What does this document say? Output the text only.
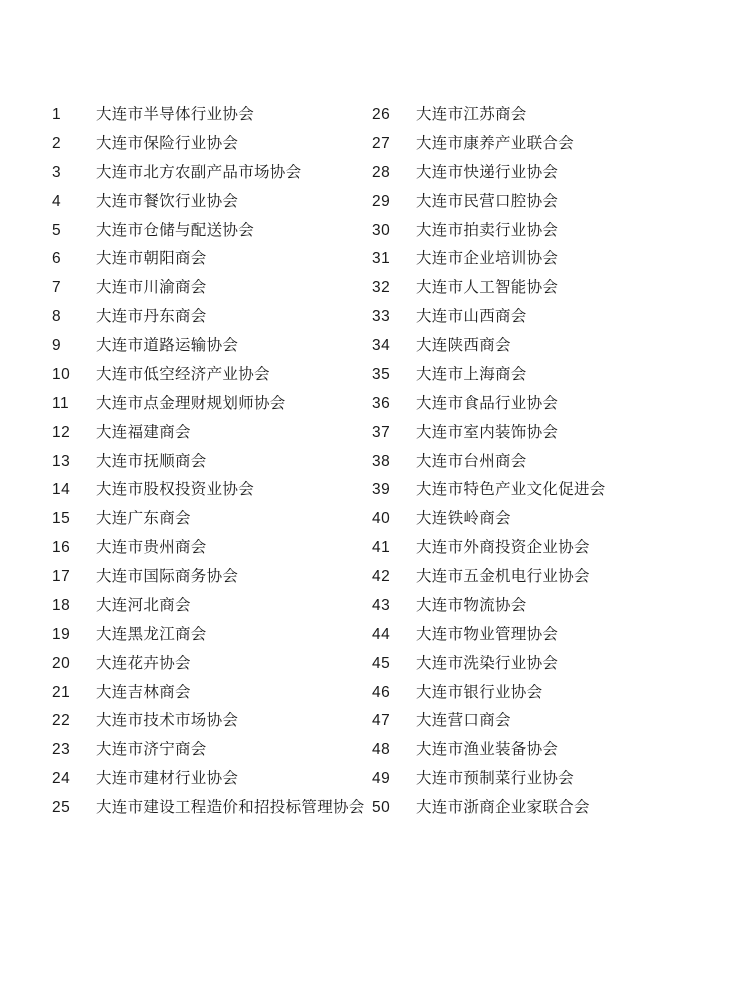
1	大连市半导体行业协会
2	大连市保险行业协会
3	大连市北方农副产品市场协会
4	大连市餐饮行业协会
5	大连市仓储与配送协会
6	大连市朝阳商会
7	大连市川渝商会
8	大连市丹东商会
9	大连市道路运输协会
10	大连市低空经济产业协会
11	大连市点金理财规划师协会
12	大连福建商会
13	大连市抚顺商会
14	大连市股权投资业协会
15	大连广东商会
16	大连市贵州商会
17	大连市国际商务协会
18	大连河北商会
19	大连黑龙江商会
20	大连花卉协会
21	大连吉林商会
22	大连市技术市场协会
23	大连市济宁商会
24	大连市建材行业协会
25	大连市建设工程造价和招投标管理协会
26	大连市江苏商会
27	大连市康养产业联合会
28	大连市快递行业协会
29	大连市民营口腔协会
30	大连市拍卖行业协会
31	大连市企业培训协会
32	大连市人工智能协会
33	大连市山西商会
34	大连陕西商会
35	大连市上海商会
36	大连市食品行业协会
37	大连市室内装饰协会
38	大连市台州商会
39	大连市特色产业文化促进会
40	大连铁岭商会
41	大连市外商投资企业协会
42	大连市五金机电行业协会
43	大连市物流协会
44	大连市物业管理协会
45	大连市洗染行业协会
46	大连市银行业协会
47	大连营口商会
48	大连市渔业装备协会
49	大连市预制菜行业协会
50	大连市浙商企业家联合会
